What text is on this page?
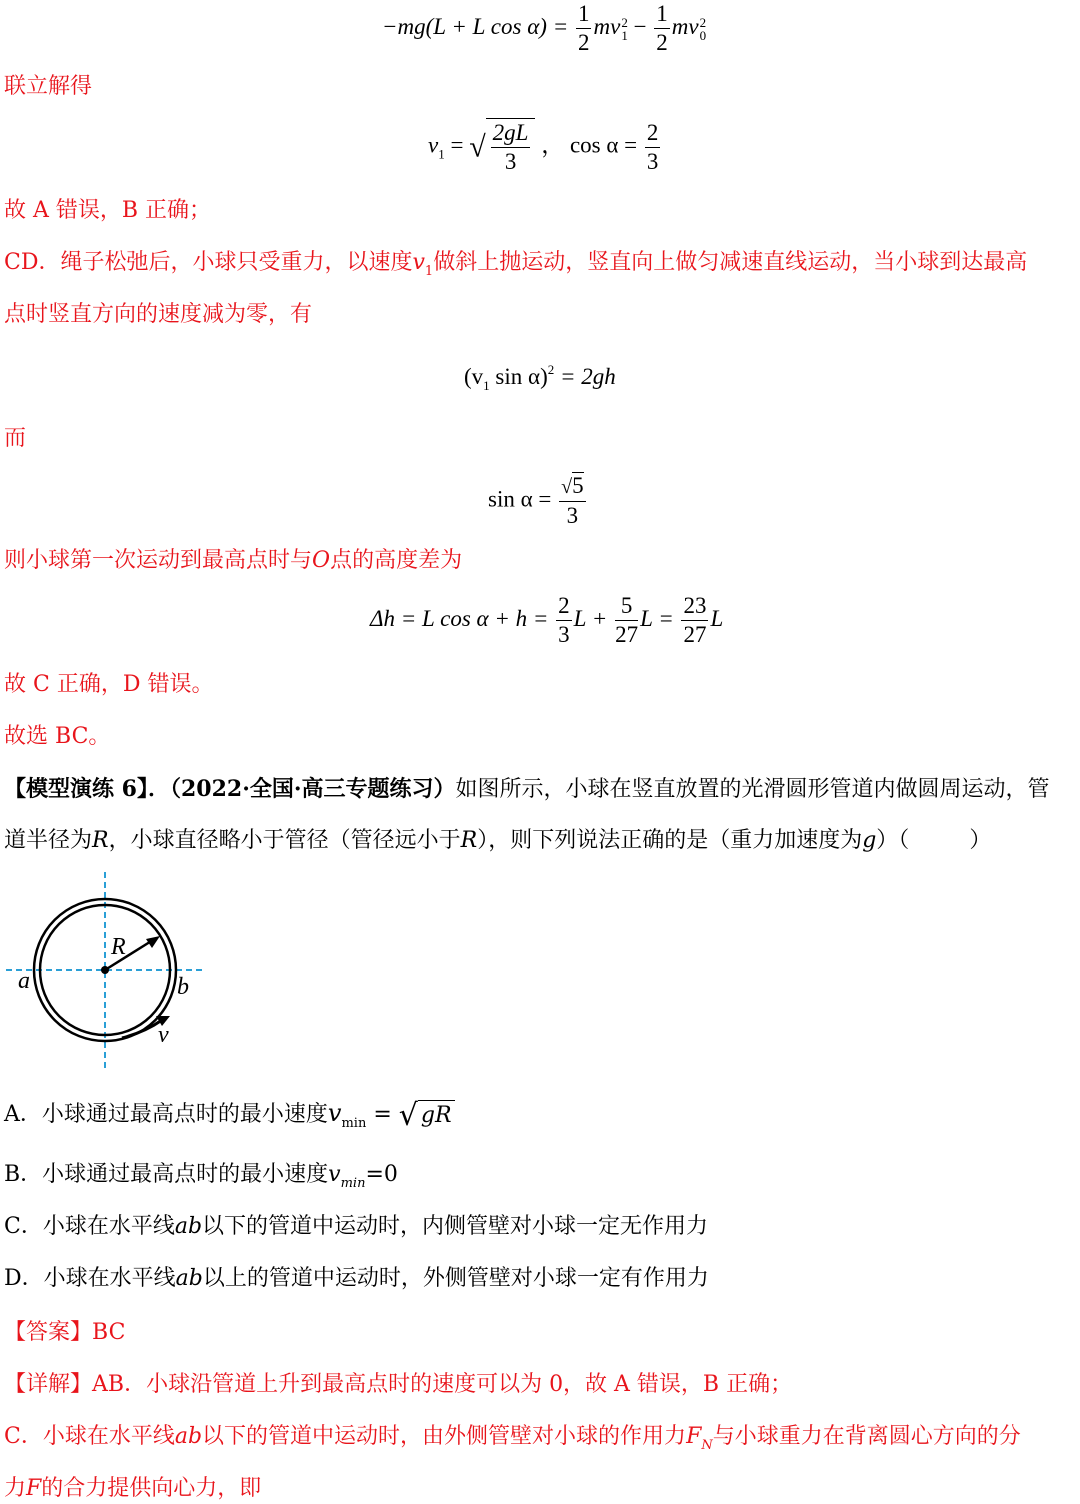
−mg(L + L $\cos \alpha) = \frac{1}{2}$ mv 2
$1 - \frac{1}{2}$ mv 2
0
联立解得
$v_1$ = √ $\frac{2gL}{3}$ ， $\cos \alpha = \frac{2}{3}$
故 A 错误，B 正确；
CD．绳子松弛后，小球只受重力，以速度$v_1$做斜上抛运动，竖直向上做匀减速直线运动，当小球到达最高
点时竖直方向的速度减为零，有
($v_1$ sin α)$^2$ = 2gh
而
$\sin \alpha = \frac{√5}{3}$
则小球第一次运动到最高点时与O点的高度差为
Δh = L $\cos \alpha + h = \frac{2}{3}$ $L + \frac{5}{27}$ $L = \frac{23}{27}$ L
故 C 正确，D 错误。
故选 BC。
【模型演练 6】．（2022·全国·高三专题练习）如图所示，小球在竖直放置的光滑圆形管道内做圆周运动，管
道半径为R，小球直径略小于管径（管径远小于R），则下列说法正确的是（重力加速度为g）（	）
R
a	b
v
A．小球通过最高点时的最小速度$v_{min}$ = √ gR
B．小球通过最高点时的最小速度$v_{min}=0$
C．小球在水平线ab以下的管道中运动时，内侧管壁对小球一定无作用力
D．小球在水平线ab以上的管道中运动时，外侧管壁对小球一定有作用力
【答案】BC
【详解】AB．小球沿管道上升到最高点时的速度可以为 0，故 A 错误，B 正确；
C．小球在水平线ab以下的管道中运动时，由外侧管壁对小球的作用力$F_N$与小球重力在背离圆心方向的分
力F的合力提供向心力，即
